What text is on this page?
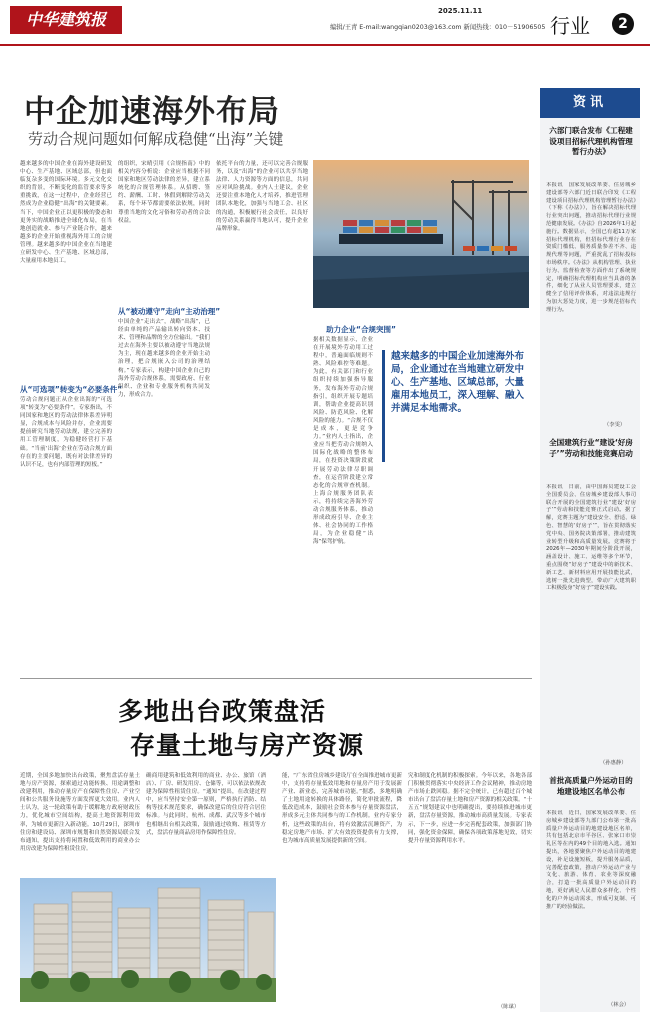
中华建筑报	2025.11.11
编辑/王青 E-mail:wangqian0203@163.com 新闻热线：010－51906505 行业	2
中企加速海外布局
劳动合规问题如何解成稳健“出海”关键
越来越多的中国企业在海外建设研发中心、生产基地、区域总部，但也面临复杂多变的国际环境。多元文化交织的背景，不断变化的监管要求等多重挑战，在这一过程中，企业经营已然成为企业稳健“出海”的关键要素。当下，中国企业正以更积极的姿态和更务实的战略推进全球化布局，在当地创造就业、参与产业链合作，越来越多的企业开始重视海外用工的合规管理。越来越多的中国企业在当地建立研发中心、生产基地、区域总部，大量雇用本地员工。
从“可选项”转变为“必要条件”
劳动合规问题正从企业出海的“可选项”转变为“必要条件”。专家指出，不同国家和地区的劳动法律体系差异明显，合规成本与风险并存，企业需要提前研究当地劳动法规，建立完善的用工管理制度，为稳健经营打下基础。“当前‘出海’企业在劳动合规方面存在的主要问题，既有对法律差异的认识不足，也有内部管理的短板。”
的组织，宋晴引用《合规指南》中的相关内容分析说：企业应当根据不同国家和地区劳动法律的差异，建立系统化的合规管理体系。从招聘、签约、薪酬、工时、休假到解除劳动关系，每个环节都需要依法依规，同时尊重当地的文化习俗和劳动者的合法权益。
从“被动遵守”走向“主动治理”
中国企业“走出去”，战略“出海”，已经由单纯的产品输出转向资本、技术、管理和品牌的全方位输出。“我们过去在海外主要以被动遵守当地法规为主，现在越来越多的企业开始主动治理，把合规嵌入公司的治理结构。”专家表示，构建中国企业自己的海外劳动合规体系，需要政府、行业组织、企业和专业服务机构共同发力，形成合力。
助力企业“合规突围”
据相关数据显示，企业在开展境外劳动用工过程中，普遍面临规则不熟、风险难控等难题。为此，有关部门和行业组织持续加强指导服务，发布海外劳动合规指引，组织开展专题培训，帮助企业提高识别风险、防范风险、化解风险的能力。“合规不仅是成本，更是竞争力。”业内人士指出，企业应当把劳动合规纳入国际化战略的整体布局，在投资决策阶段就开展劳动法律尽职调查，在运营阶段建立常态化的合规审查机制。上海合规服务团队表示，将持续完善海外劳动合规服务体系，推动形成政府引导、企业主体、社会协同的工作格局，为企业稳健“出海”保驾护航。
依托平台的力量，还可以完善合规服务，以及“出海”的企业可以共享当地法律、人力资源等方面的信息，共同应对风险挑战。业内人士建议，企业还要注重本地化人才培养，推进管理团队本地化，加强与当地工会、社区的沟通，积极履行社会责任，以良好的劳动关系赢得当地认可，提升企业品牌形象。
越来越多的中国企业加速海外布局，企业通过在当地建立研发中心、生产基地、区域总部，大量雇用本地员工，深入理解、融入并满足本地需求。
多地出台政策盘活
存量土地与房产资源
近期，全国多地加快出台政策，聚焦盘活存量土地与房产资源，探索通过功能转换、用途调整和改建利用，推动存量房产在保障性住房、产业空间和公共服务设施等方面发挥更大效用。业内人士认为，这一轮政策有助于缓解地方政府财政压力，优化城市空间结构，提高土地资源利用效率，为城市更新注入新动能。10月29日，深圳市住房和建设局、深圳市规划和自然资源局联合发布通知，提出支持将闲置和低效利用的商业办公用房改建为保障性租赁住房。
确商用建筑和低效利用的商业、办公、旅馆（酒店）、厂房、研发用房、仓储等，可以依法依规改建为保障性租赁住房。“通知”提出，在改建过程中，应当坚持安全第一原则，严格执行消防、结构等技术规范要求，确保改建后的住房符合居住标准。与此同时，杭州、成都、武汉等多个城市也相继出台相关政策，鼓励通过收购、租赁等方式，盘活存量商品房用作保障性住房。
能，“广东省住房城乡建设厅在全面推进城市更新中，支持将存量低效用地和存量房产用于发展新产业、新业态，完善城市功能。”据悉，多地明确了土地用途转换的具体路径，简化审批流程，降低改造成本，鼓励社会资本参与存量资源盘活，形成多元主体共同参与的工作机制。业内专家分析，这些政策的出台，将有效激活沉睡资产，为稳定房地产市场、扩大有效投资提供有力支撑，也为城市高质量发展提供新的空间。
究和制度化机制的积极探索。今年以来，各地各部门积极贯彻落实中央经济工作会议精神，推动房地产市场止跌回稳。据不完全统计，已有超过百个城市出台了盘活存量土地和房产资源的相关政策。“十五五”规划建议中也明确提出，要持续推进城市更新，盘活存量资源，推动城市高质量发展。专家表示，下一步，应进一步完善配套政策，加强部门协同，强化资金保障，确保各项政策落地见效，切实提升存量资源利用水平。
（陈谋）
资讯
六部门联合发布《工程建设项目招标代理机构管理暂行办法》
本报讯　国家发展改革委、住房城乡建设部等六部门近日联合印发《工程建设项目招标代理机构管理暂行办法》（下称《办法》），旨在解决招标代理行业突出问题，推动招标代理行业规范健康发展。《办法》自2026年1月起施行。数据显示，全国已有超11万家招标代理机构，但招标代理行业存在资质门槛低、服务质量参差不齐、违规代理等问题，严重扰乱了招标投标市场秩序。《办法》从机构管理、执业行为、监督检查等方面作出了系统规定，明确招标代理机构应当具备的条件，细化了从业人员管理要求，建立健全了信用评价体系，对违法违规行为加大惩处力度，进一步规范招标代理行为。
（李雯）
全国建筑行业“建设‘好房子’”劳动和技能竞赛启动
本报讯　日前，由中国海员建设工会全国委员会、住房城乡建设部人事司联合开展的全国建筑行业“建设‘好房子’”劳动和技能竞赛正式启动。据了解，竞赛主题为“建设安全、舒适、绿色、智慧的‘好房子’”，旨在贯彻落实党中央、国务院决策部署，推动建筑业转型升级和高质量发展。竞赛将于2026年—2030年期间分阶段开展，涵盖设计、施工、运维等多个环节，重点围绕“好房子”建设中的新技术、新工艺、新材料应用开展技能比武，选树一批先进典型，带动广大建筑职工积极投身“好房子”建设实践。
（孙惠静）
首批高质量户外运动目的地建设地区名单公布
本报讯　近日，国家发展改革委、住房城乡建设部等九部门公布第一批高质量户外运动目的地建设地区名单，共有包括北京市平谷区、张家口市崇礼区等在内的49个目的地入选。通知提出，各地要聚焦户外运动目的地建设，补足设施短板，提升服务品质，完善配套政策，推动户外运动产业与文化、旅游、体育、农业等深度融合，打造一批高质量户外运动目的地，更好满足人民群众多样化、个性化的户外运动需求，形成可复制、可推广的经验做法。
（林会）
